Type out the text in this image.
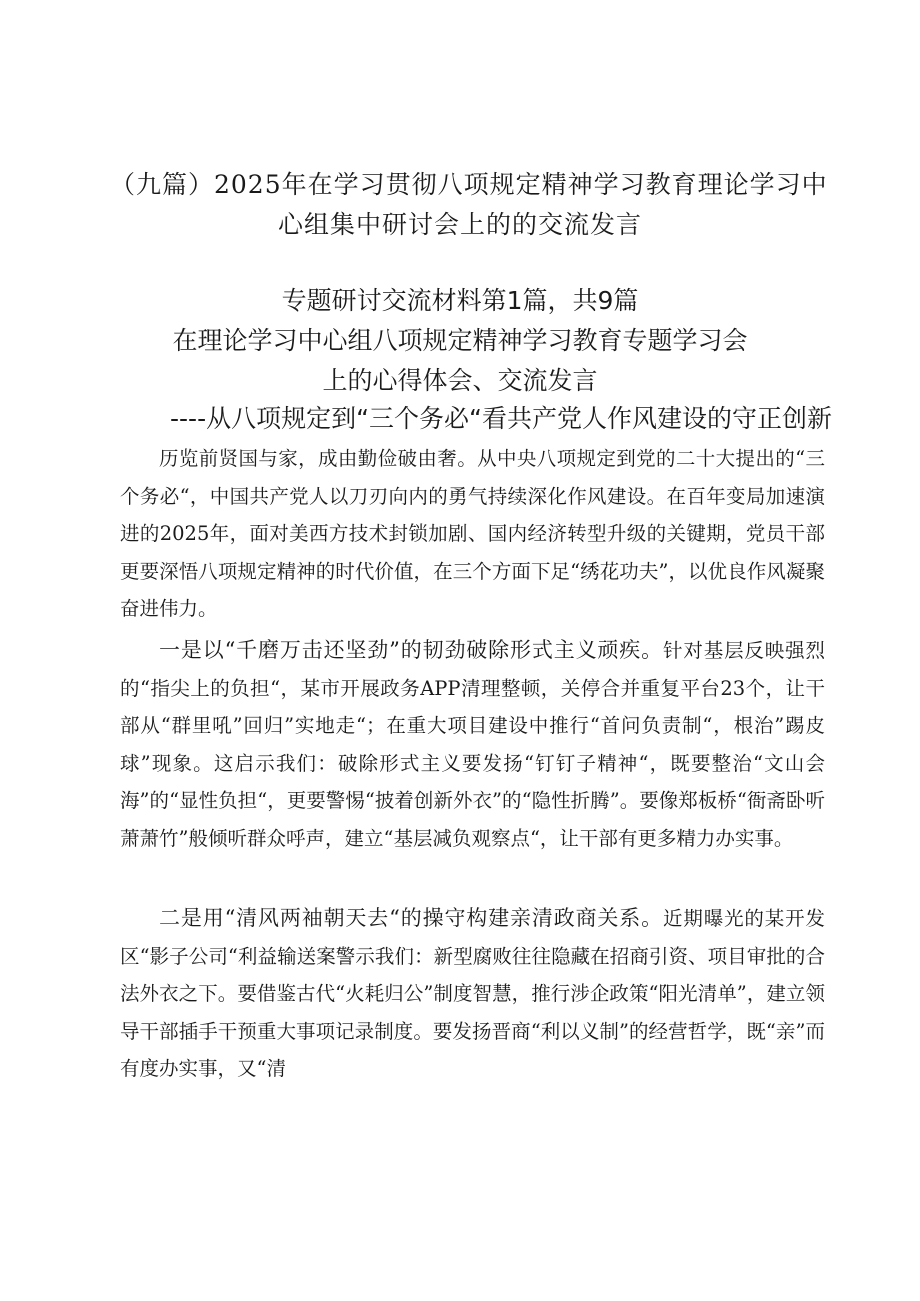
（九篇）2025年在学习贯彻八项规定精神学习教育理论学习中
心组集中研讨会上的的交流发言
专题研讨交流材料第1篇，共9篇
在理论学习中心组八项规定精神学习教育专题学习会
上的心得体会、交流发言
----从八项规定到“三个务必“看共产党人作风建设的守正创新

历览前贤国与家，成由勤俭破由奢。从中央八项规定到党的二十大提出的“三个务必“，中国共产党人以刀刃向内的勇气持续深化作风建设。在百年变局加速演进的2025年，面对美西方技术封锁加剧、国内经济转型升级的关键期，党员干部更要深悟八项规定精神的时代价值，在三个方面下足“绣花功夫”，以优良作风凝聚奋进伟力。

一是以“千磨万击还坚劲”的韧劲破除形式主义顽疾。针对基层反映强烈的“指尖上的负担“，某市开展政务APP清理整顿，关停合并重复平台23个，让干部从“群里吼”回归”实地走“；在重大项目建设中推行“首问负责制“，根治”踢皮球”现象。这启示我们：破除形式主义要发扬“钉钉子精神“，既要整治“文山会海”的“显性负担“，更要警惕“披着创新外衣”的“隐性折腾”。要像郑板桥“衙斋卧听萧萧竹”般倾听群众呼声，建立“基层减负观察点“，让干部有更多精力办实事。

二是用“清风两袖朝天去“的操守构建亲清政商关系。近期曝光的某开发区“影子公司“利益输送案警示我们：新型腐败往往隐藏在招商引资、项目审批的合法外衣之下。要借鉴古代“火耗归公”制度智慧，推行涉企政策“阳光清单”，建立领导干部插手干预重大事项记录制度。要发扬晋商“利以义制”的经营哲学，既“亲”而有度办实事，又“清
